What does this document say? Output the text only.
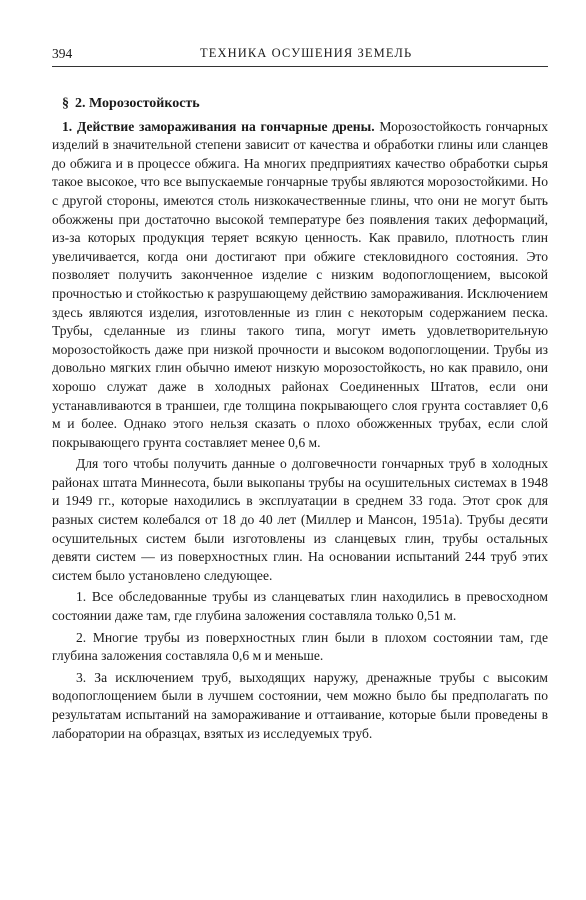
394	ТЕХНИКА ОСУШЕНИЯ ЗЕМЕЛЬ
§ 2. Морозостойкость

1. Действие замораживания на гончарные дрены. Морозостойкость гончарных изделий в значительной степени зависит от качества и обработки глины или сланцев до обжига и в процессе обжига. На многих предприятиях качество обработки сырья такое высокое, что все выпускаемые гончарные трубы являются морозостойкими. Но с другой стороны, имеются столь низкокачественные глины, что они не могут быть обожжены при достаточно высокой температуре без появления таких деформаций, из-за которых продукция теряет всякую ценность. Как правило, плотность глин увеличивается, когда они достигают при обжиге стекловидного состояния. Это позволяет получить законченное изделие с низким водопоглощением, высокой прочностью и стойкостью к разрушающему действию замораживания. Исключением здесь являются изделия, изготовленные из глин с некоторым содержанием песка. Трубы, сделанные из глины такого типа, могут иметь удовлетворительную морозостойкость даже при низкой прочности и высоком водопоглощении. Трубы из довольно мягких глин обычно имеют низкую морозостойкость, но как правило, они хорошо служат даже в холодных районах Соединенных Штатов, если они устанавливаются в траншеи, где толщина покрывающего слоя грунта составляет 0,6 м и более. Однако этого нельзя сказать о плохо обожженных трубах, если слой покрывающего грунта составляет менее 0,6 м.

Для того чтобы получить данные о долговечности гончарных труб в холодных районах штата Миннесота, были выкопаны трубы на осушительных системах в 1948 и 1949 гг., которые находились в эксплуатации в среднем 33 года. Этот срок для разных систем колебался от 18 до 40 лет (Миллер и Мансон, 1951а). Трубы десяти осушительных систем были изготовлены из сланцевых глин, трубы остальных девяти систем — из поверхностных глин. На основании испытаний 244 труб этих систем было установлено следующее.

1. Все обследованные трубы из сланцеватых глин находились в превосходном состоянии даже там, где глубина заложения составляла только 0,51 м.

2. Многие трубы из поверхностных глин были в плохом состоянии там, где глубина заложения составляла 0,6 м и меньше.

3. За исключением труб, выходящих наружу, дренажные трубы с высоким водопоглощением были в лучшем состоянии, чем можно было бы предполагать по результатам испытаний на замораживание и оттаивание, которые были проведены в лаборатории на образцах, взятых из исследуемых труб.
